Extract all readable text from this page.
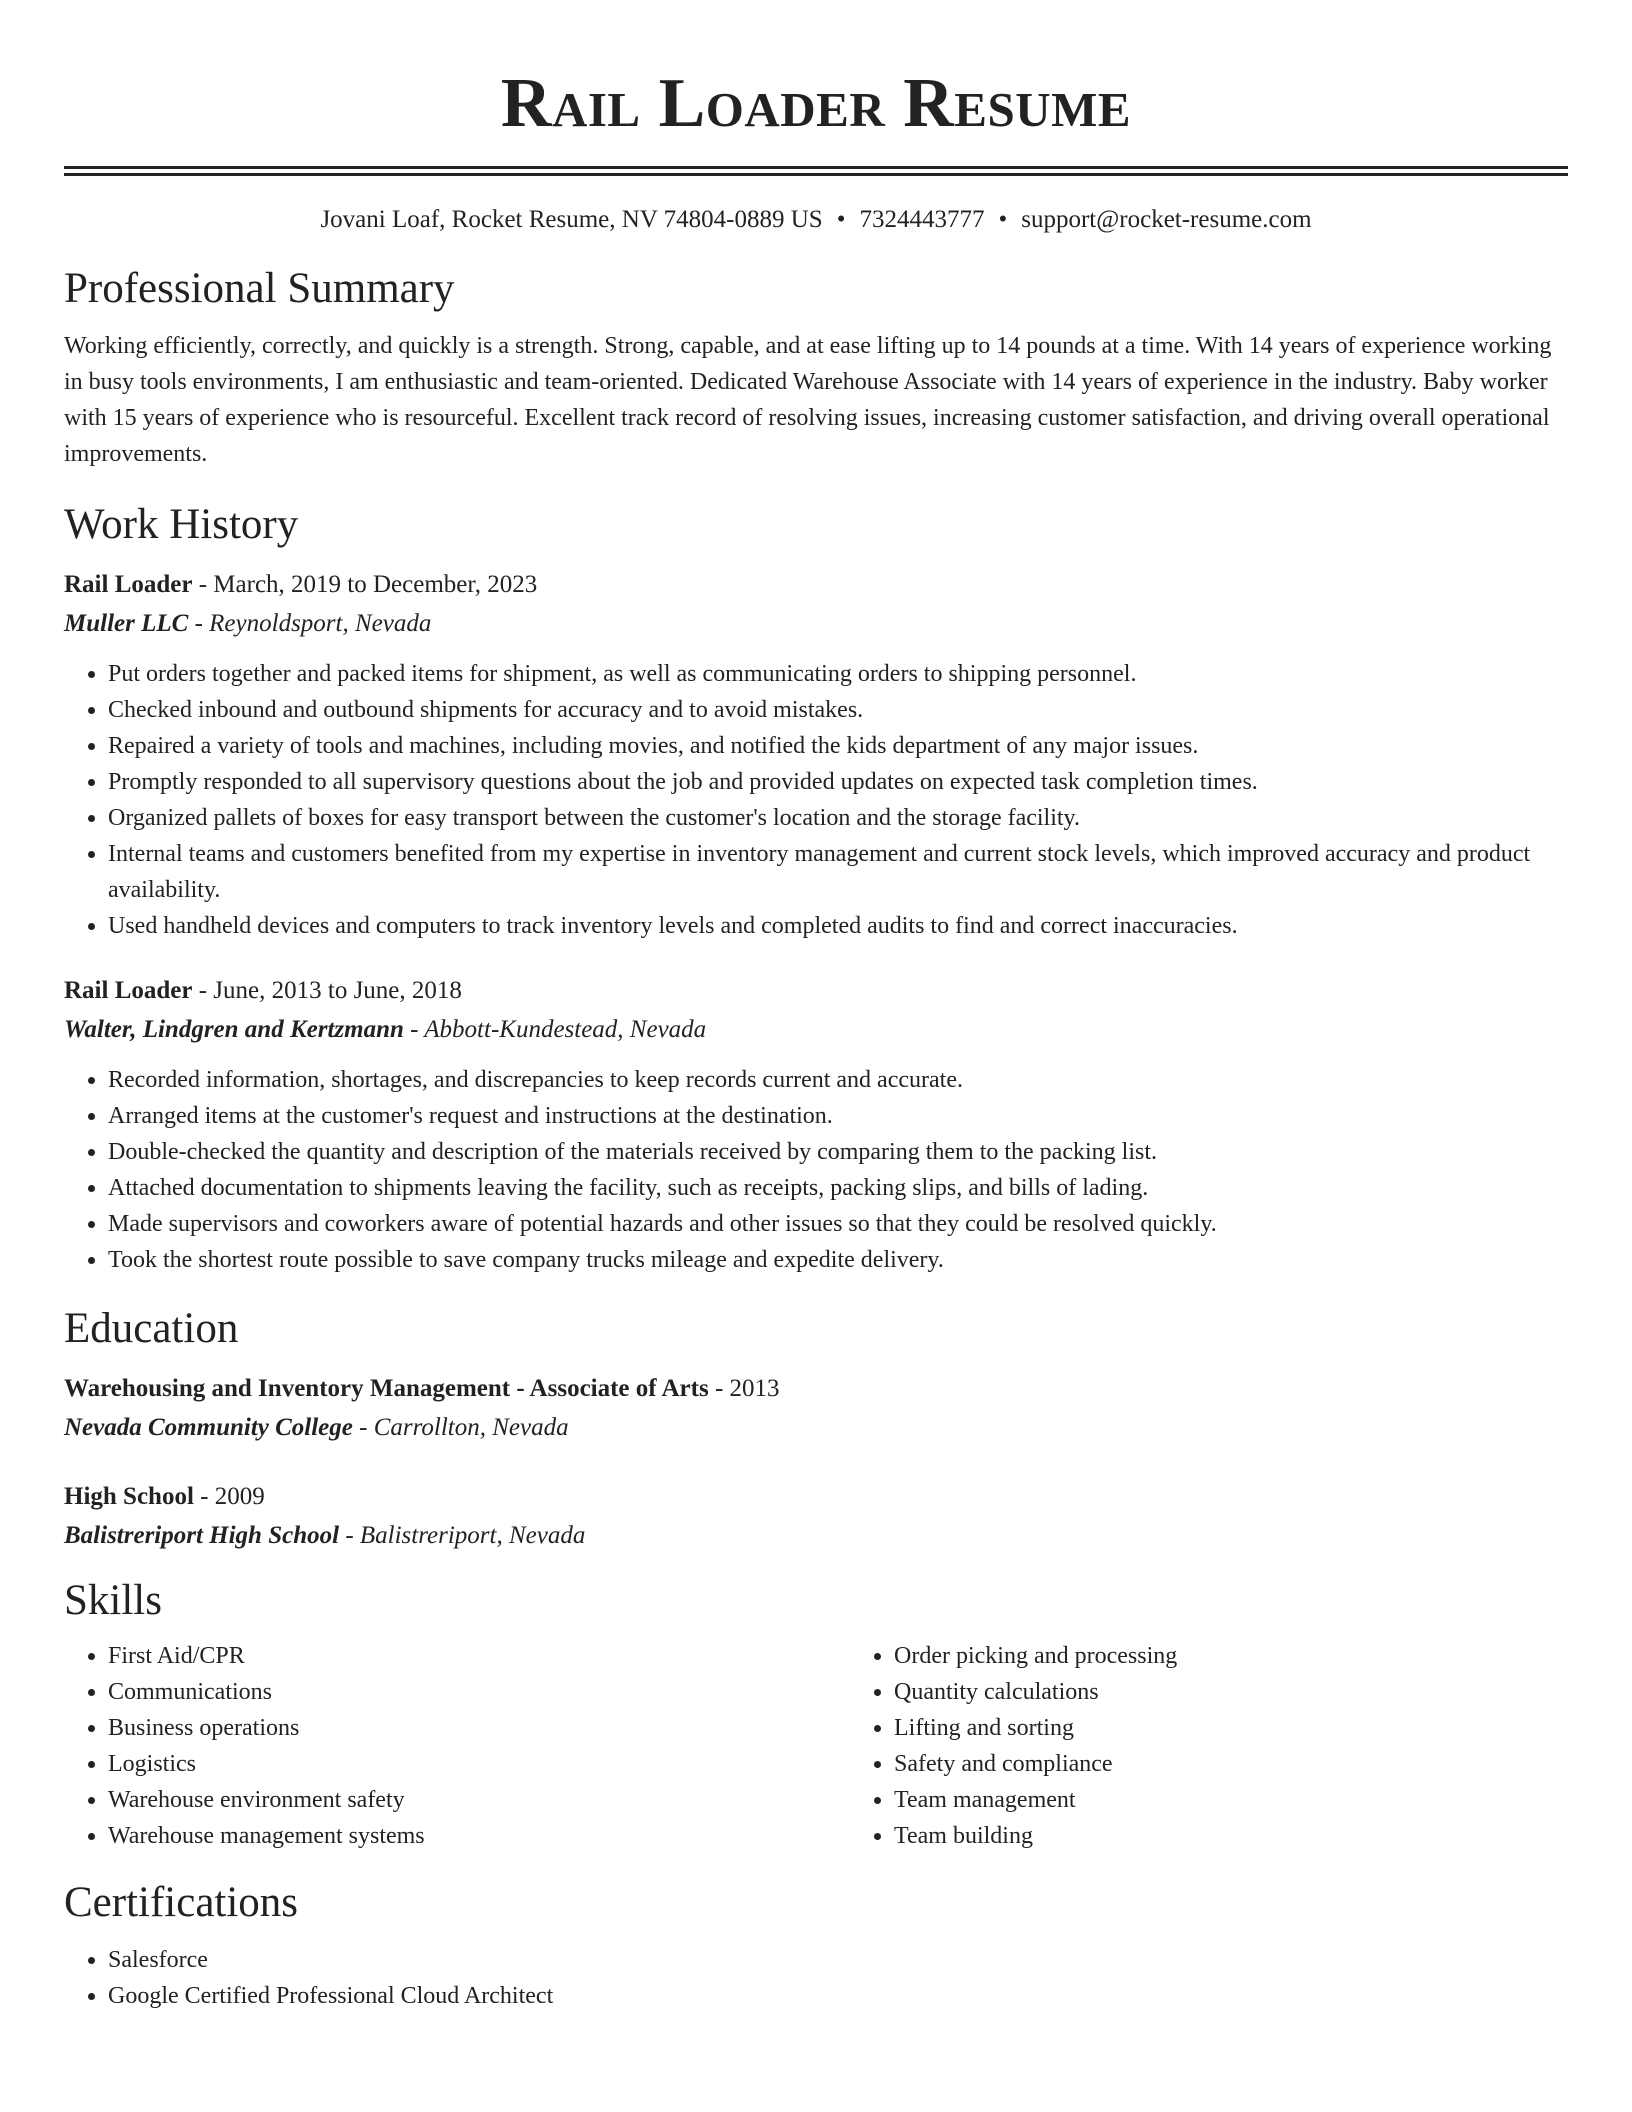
Rail Loader Resume
Jovani Loaf, Rocket Resume, NV 74804-0889 US • 7324443777 • support@rocket-resume.com
Professional Summary
Working efficiently, correctly, and quickly is a strength. Strong, capable, and at ease lifting up to 14 pounds at a time. With 14 years of experience working in busy tools environments, I am enthusiastic and team-oriented. Dedicated Warehouse Associate with 14 years of experience in the industry. Baby worker with 15 years of experience who is resourceful. Excellent track record of resolving issues, increasing customer satisfaction, and driving overall operational improvements.
Work History
Rail Loader - March, 2019 to December, 2023
Muller LLC - Reynoldsport, Nevada
• Put orders together and packed items for shipment, as well as communicating orders to shipping personnel.
• Checked inbound and outbound shipments for accuracy and to avoid mistakes.
• Repaired a variety of tools and machines, including movies, and notified the kids department of any major issues.
• Promptly responded to all supervisory questions about the job and provided updates on expected task completion times.
• Organized pallets of boxes for easy transport between the customer's location and the storage facility.
• Internal teams and customers benefited from my expertise in inventory management and current stock levels, which improved accuracy and product availability.
• Used handheld devices and computers to track inventory levels and completed audits to find and correct inaccuracies.
Rail Loader - June, 2013 to June, 2018
Walter, Lindgren and Kertzmann - Abbott-Kundestead, Nevada
• Recorded information, shortages, and discrepancies to keep records current and accurate.
• Arranged items at the customer's request and instructions at the destination.
• Double-checked the quantity and description of the materials received by comparing them to the packing list.
• Attached documentation to shipments leaving the facility, such as receipts, packing slips, and bills of lading.
• Made supervisors and coworkers aware of potential hazards and other issues so that they could be resolved quickly.
• Took the shortest route possible to save company trucks mileage and expedite delivery.
Education
Warehousing and Inventory Management - Associate of Arts - 2013
Nevada Community College - Carrollton, Nevada
High School - 2009
Balistreriport High School - Balistreriport, Nevada
Skills
• First Aid/CPR
• Communications
• Business operations
• Logistics
• Warehouse environment safety
• Warehouse management systems
• Order picking and processing
• Quantity calculations
• Lifting and sorting
• Safety and compliance
• Team management
• Team building
Certifications
• Salesforce
• Google Certified Professional Cloud Architect
